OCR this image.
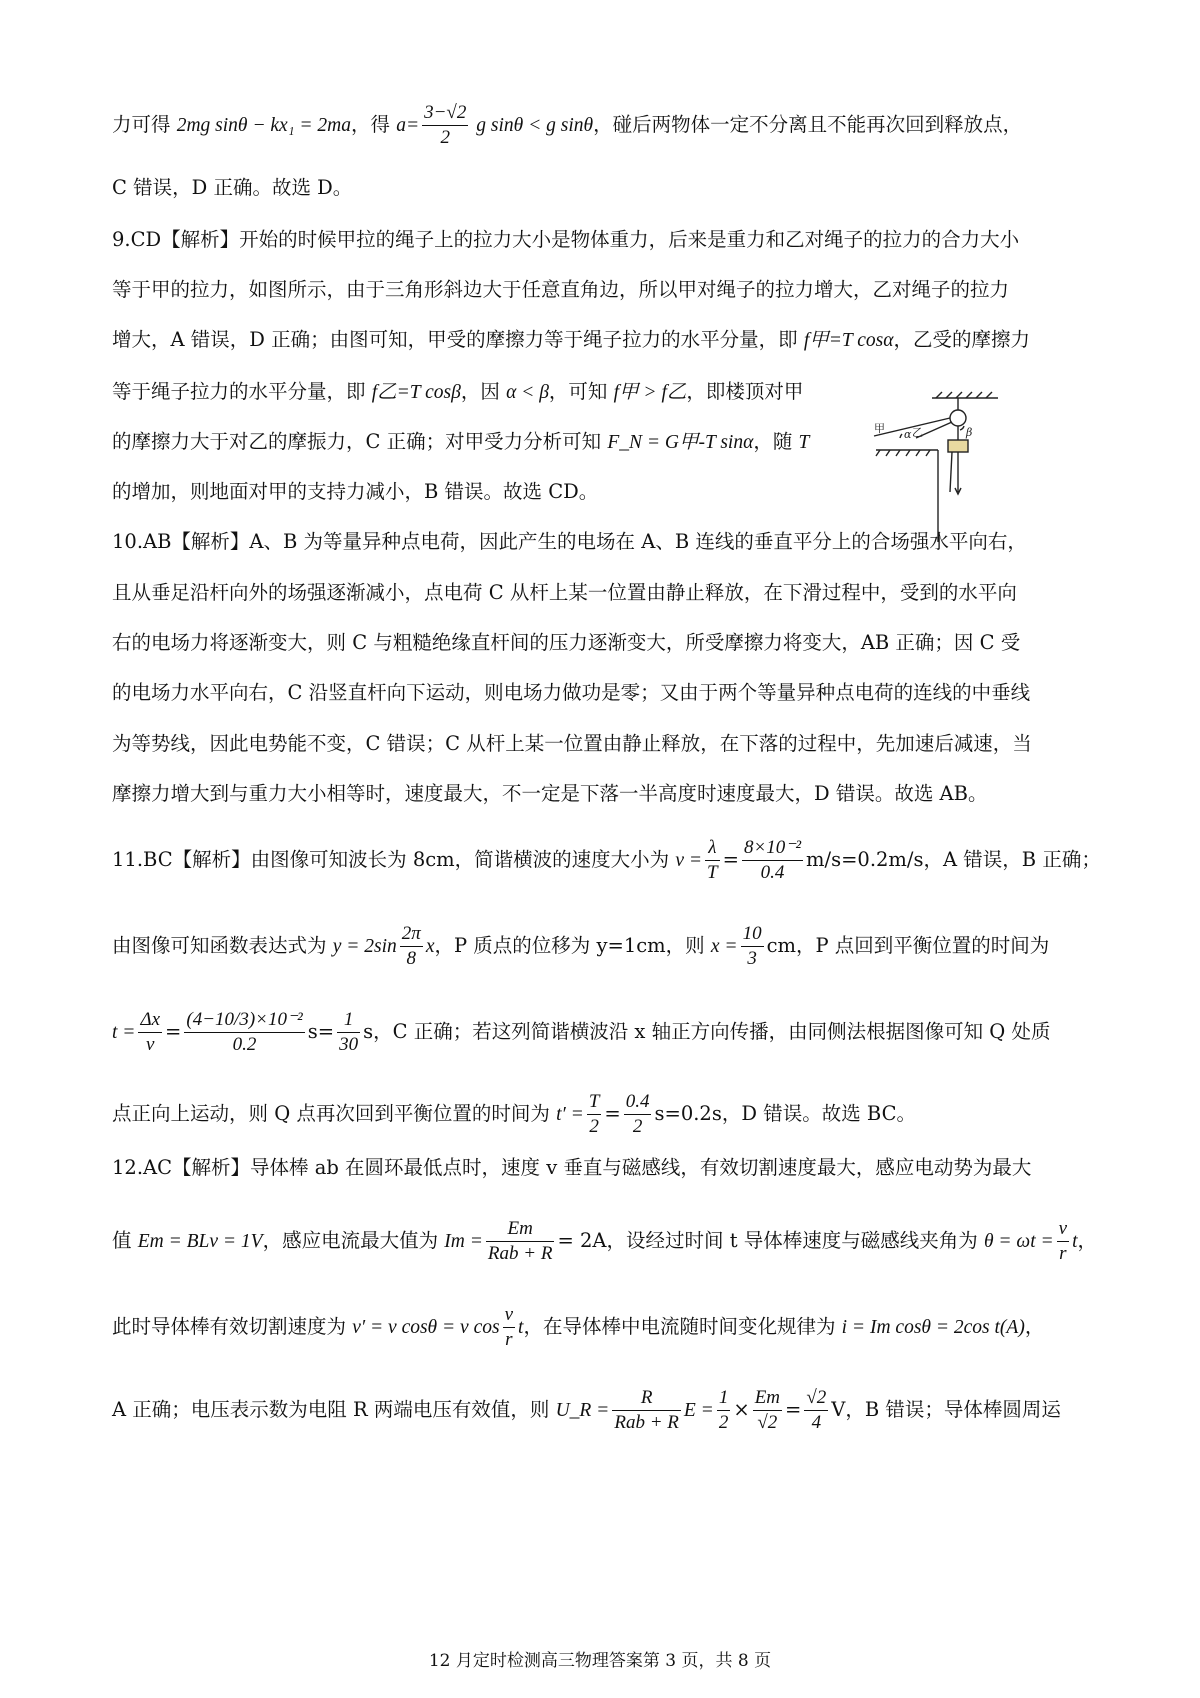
力可得 2mg sinθ − kx₁ = 2ma，得 $a= \frac{3-√2}{2}$ g sinθ < g sinθ，碰后两物体一定不分离且不能再次回到释放点，
C 错误，D 正确。故选 D。
9.CD【解析】开始的时候甲拉的绳子上的拉力大小是物体重力，后来是重力和乙对绳子的拉力的合力大小
等于甲的拉力，如图所示，由于三角形斜边大于任意直角边，所以甲对绳子的拉力增大，乙对绳子的拉力
增大，A 错误，D 正确；由图可知，甲受的摩擦力等于绳子拉力的水平分量，即 f甲=T cosα，乙受的摩擦力
等于绳子拉力的水平分量，即 f乙=T cosβ，因 α < β，可知 f甲 > f乙，即楼顶对甲
的摩擦力大于对乙的摩振力，C 正确；对甲受力分析可知 F_N = G甲-T sinα，随 T
的增加，则地面对甲的支持力减小，B 错误。故选 CD。
甲 乙
α	β
10.AB【解析】A、B 为等量异种点电荷，因此产生的电场在 A、B 连线的垂直平分上的合场强水平向右，
且从垂足沿杆向外的场强逐渐减小，点电荷 C 从杆上某一位置由静止释放，在下滑过程中，受到的水平向
右的电场力将逐渐变大，则 C 与粗糙绝缘直杆间的压力逐渐变大，所受摩擦力将变大，AB 正确；因 C 受
的电场力水平向右，C 沿竖直杆向下运动，则电场力做功是零；又由于两个等量异种点电荷的连线的中垂线
为等势线，因此电势能不变，C 错误；C 从杆上某一位置由静止释放，在下落的过程中，先加速后减速，当
摩擦力增大到与重力大小相等时，速度最大，不一定是下落一半高度时速度最大，D 错误。故选 AB。
11.BC【解析】由图像可知波长为 8cm，简谐横波的速度大小为 $v = \frac{\lambda}{T} = \frac{\text{8×10⁻²}}{0.4} m/s=0.2m/s$，A 错误，B 正确；
由图像可知函数表达式为 $y = 2\sin \frac{2\pi}{8}$ x，P 质点的位移为 y=1cm，则 $x = \frac{10}{3}$ cm，P 点回到平衡位置的时间为
$t = \frac{\Delta x}{v} = \frac{\text{(4−10/3)×10⁻²}}{0.2} s= \frac{1}{30}$ s，C 正确；若这列简谐横波沿 x 轴正方向传播，由同侧法根据图像可知 Q 处质
点正向上运动，则 Q 点再次回到平衡位置的时间为 $t' = \frac{T}{2} = \frac{0.4}{2} s=0.2s$，D 错误。故选 BC。
12.AC【解析】导体棒 ab 在圆环最低点时，速度 v 垂直与磁感线，有效切割速度最大，感应电动势为最大
值 Em = BLv = 1V，感应电流最大值为 $Im = \frac{Em}{\text{Rab + R}} = 2A$，设经过时间 t 导体棒速度与磁感线夹角为 $\theta = \omega t = \frac{v}{r}$ t，
此时导体棒有效切割速度为 v′ = v cosθ = v $\cos \frac{v}{r}$ t，在导体棒中电流随时间变化规律为 i = Im cosθ = 2cos t(A)，
A 正确；电压表示数为电阻 R 两端电压有效值，则 U_R = $\frac{R}{\text{Rab + R}}$ $E = \frac{1}{2} \times \frac{Em}{√2} = \frac{√2}{4}$ V，B 错误；导体棒圆周运
12 月定时检测高三物理答案第 3 页，共 8 页
